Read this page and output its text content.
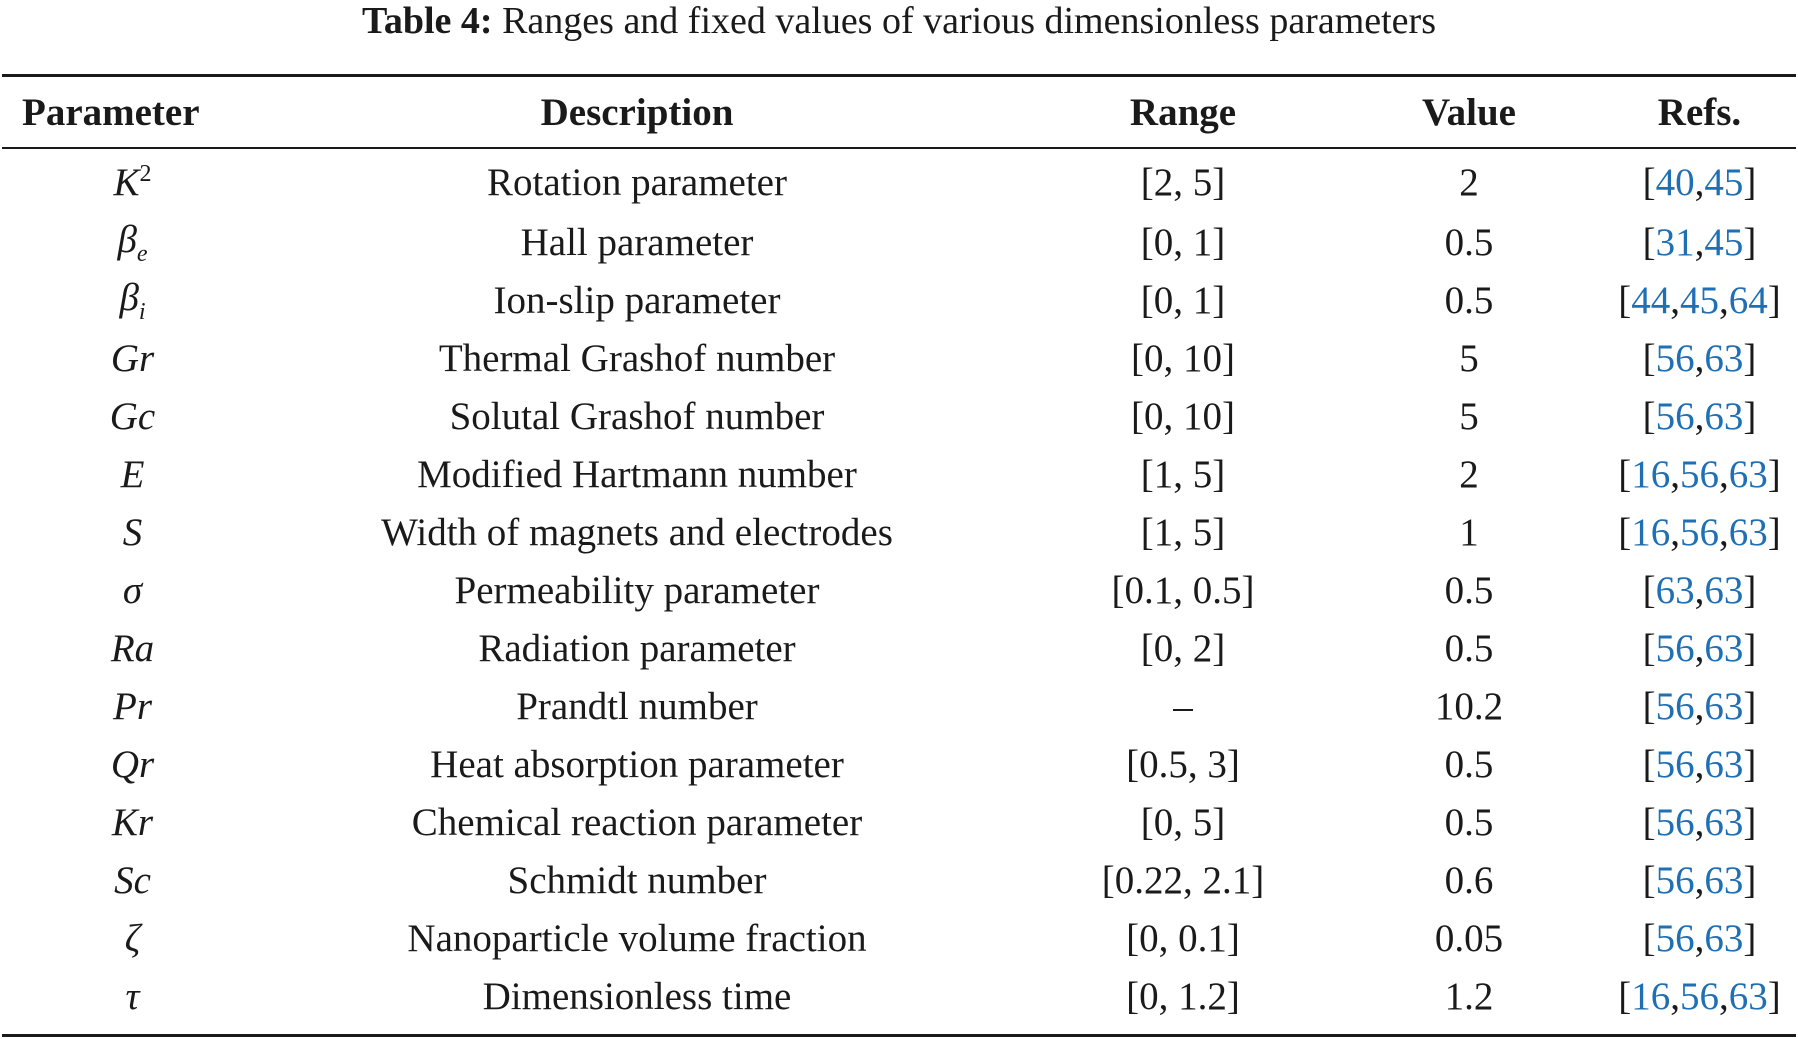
Table 4: Ranges and fixed values of various dimensionless parameters
Parameter	Description	Range	Value	Refs.
$K^2$	Rotation parameter	[2, 5]	2	[40,45]
$\beta_e$	Hall parameter	[0, 1]	0.5	[31,45]
$\beta_i$	Ion-slip parameter	[0, 1]	0.5	[44,45,64]
Gr	Thermal Grashof number	[0, 10]	5	[56,63]
Gc	Solutal Grashof number	[0, 10]	5	[56,63]
E	Modified Hartmann number	[1, 5]	2	[16,56,63]
S	Width of magnets and electrodes	[1, 5]	1	[16,56,63]
σ	Permeability parameter	[0.1, 0.5]	0.5	[63,63]
Ra	Radiation parameter	[0, 2]	0.5	[56,63]
Pr	Prandtl number	–	10.2	[56,63]
Qr	Heat absorption parameter	[0.5, 3]	0.5	[56,63]
Kr	Chemical reaction parameter	[0, 5]	0.5	[56,63]
Sc	Schmidt number	[0.22, 2.1]	0.6	[56,63]
ζ	Nanoparticle volume fraction	[0, 0.1]	0.05	[56,63]
τ	Dimensionless time	[0, 1.2]	1.2	[16,56,63]
